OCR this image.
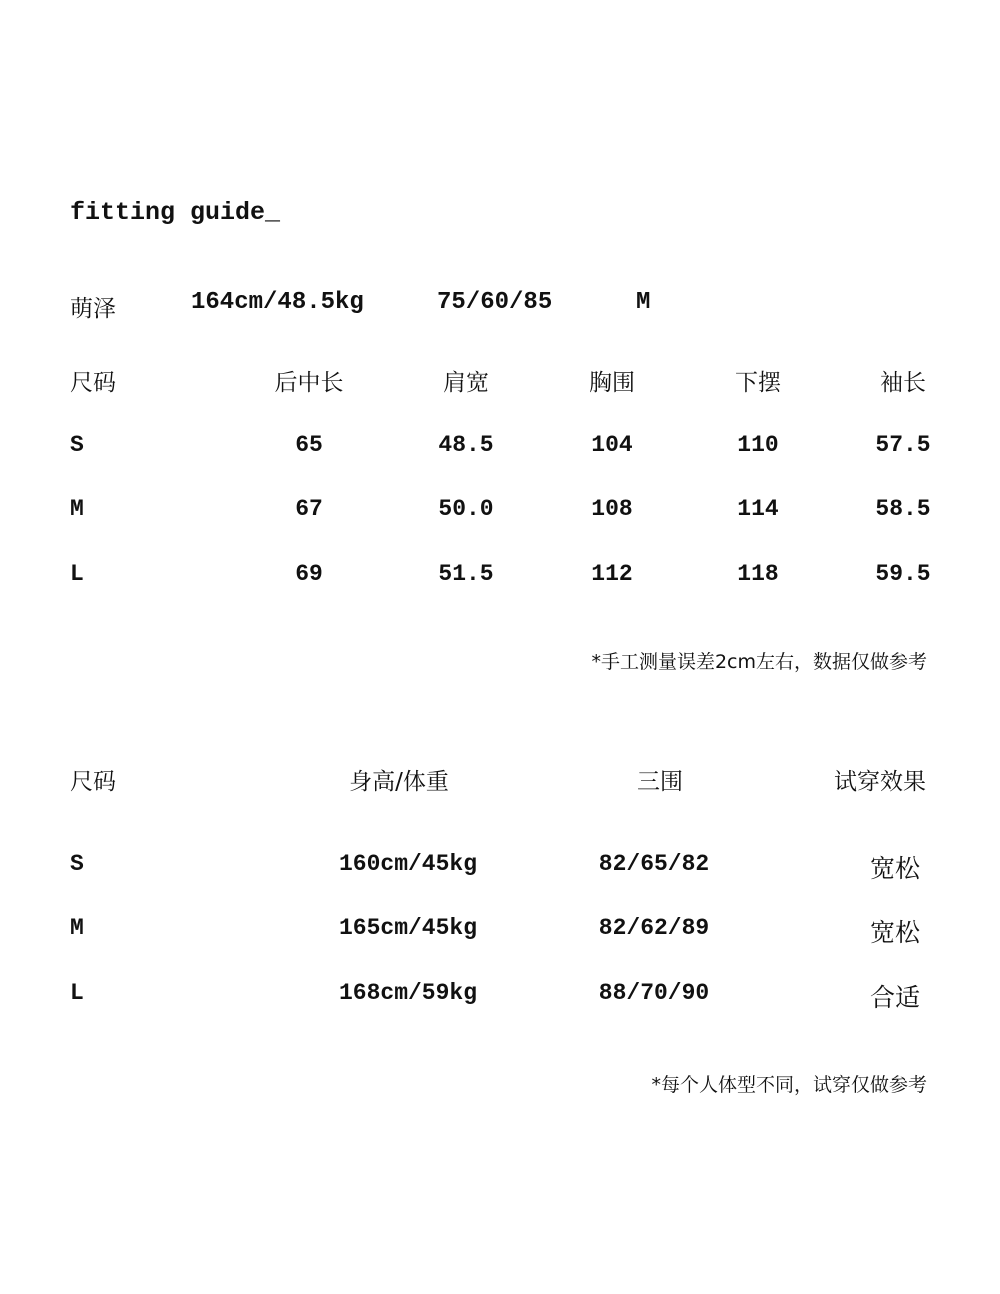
fitting guide_
萌泽	164cm/48.5kg	75/60/85	M
尺码	后中长	肩宽	胸围	下摆	袖长
S	65	48.5	104	110	57.5
M	67	50.0	108	114	58.5
L	69	51.5	112	118	59.5
*手工测量误差2cm左右，数据仅做参考
尺码	身高/体重	三围	试穿效果
S	160cm/45kg	82/65/82	宽松
M	165cm/45kg	82/62/89	宽松
L	168cm/59kg	88/70/90	合适
*每个人体型不同，试穿仅做参考
